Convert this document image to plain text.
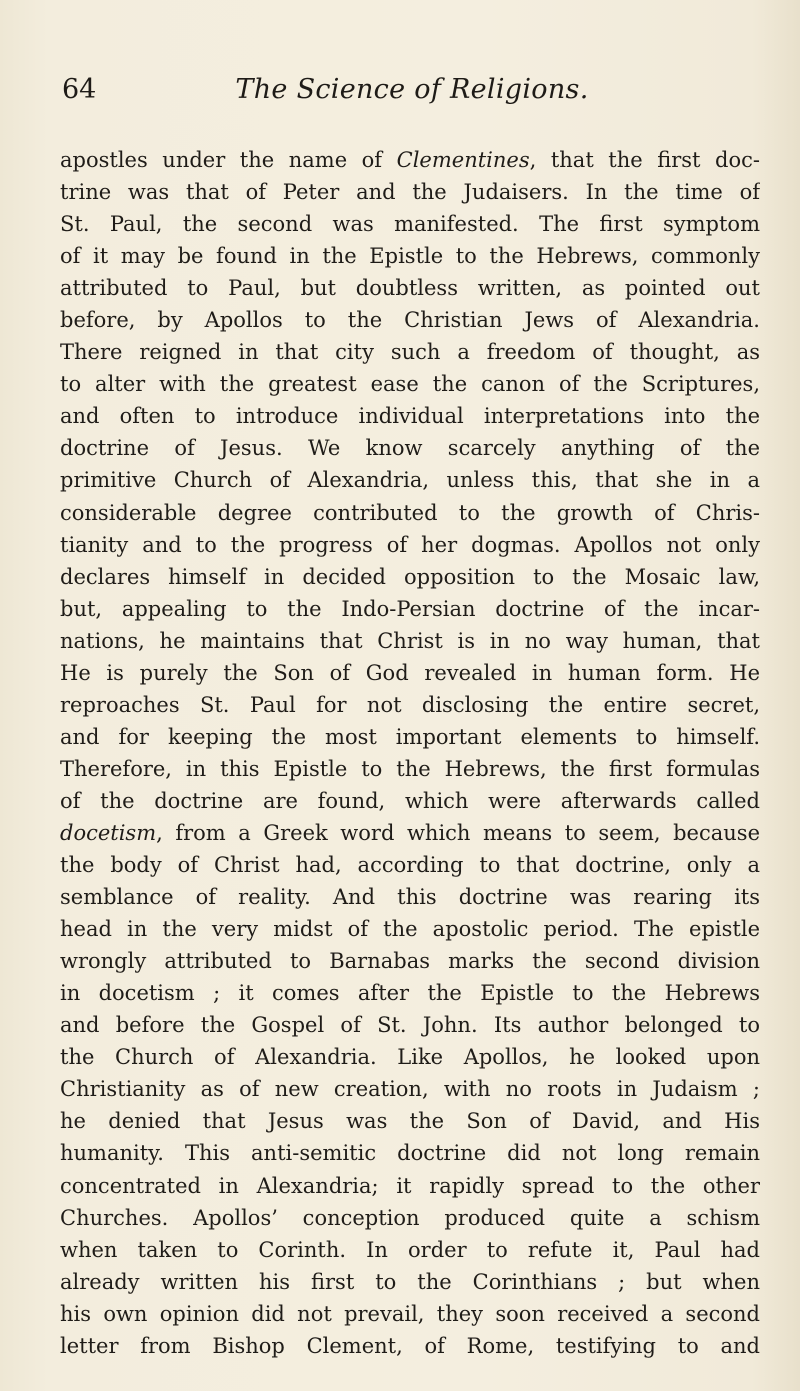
64	The Science of Religions.
apostles under the name of Clementines, that the first doc-
trine was that of Peter and the Judaisers. In the time of
St. Paul, the second was manifested. The first symptom
of it may be found in the Epistle to the Hebrews, commonly
attributed to Paul, but doubtless written, as pointed out
before, by Apollos to the Christian Jews of Alexandria.
There reigned in that city such a freedom of thought, as
to alter with the greatest ease the canon of the Scriptures,
and often to introduce individual interpretations into the
doctrine of Jesus. We know scarcely anything of the
primitive Church of Alexandria, unless this, that she in a
considerable degree contributed to the growth of Chris-
tianity and to the progress of her dogmas. Apollos not only
declares himself in decided opposition to the Mosaic law,
but, appealing to the Indo-Persian doctrine of the incar-
nations, he maintains that Christ is in no way human, that
He is purely the Son of God revealed in human form. He
reproaches St. Paul for not disclosing the entire secret,
and for keeping the most important elements to himself.
Therefore, in this Epistle to the Hebrews, the first formulas
of the doctrine are found, which were afterwards called
docetism, from a Greek word which means to seem, because
the body of Christ had, according to that doctrine, only a
semblance of reality. And this doctrine was rearing its
head in the very midst of the apostolic period. The epistle
wrongly attributed to Barnabas marks the second division
in docetism ; it comes after the Epistle to the Hebrews
and before the Gospel of St. John. Its author belonged to
the Church of Alexandria. Like Apollos, he looked upon
Christianity as of new creation, with no roots in Judaism ;
he denied that Jesus was the Son of David, and His
humanity. This anti-semitic doctrine did not long remain
concentrated in Alexandria; it rapidly spread to the other
Churches. Apollos’ conception produced quite a schism
when taken to Corinth. In order to refute it, Paul had
already written his first to the Corinthians ; but when
his own opinion did not prevail, they soon received a second
letter from Bishop Clement, of Rome, testifying to and
